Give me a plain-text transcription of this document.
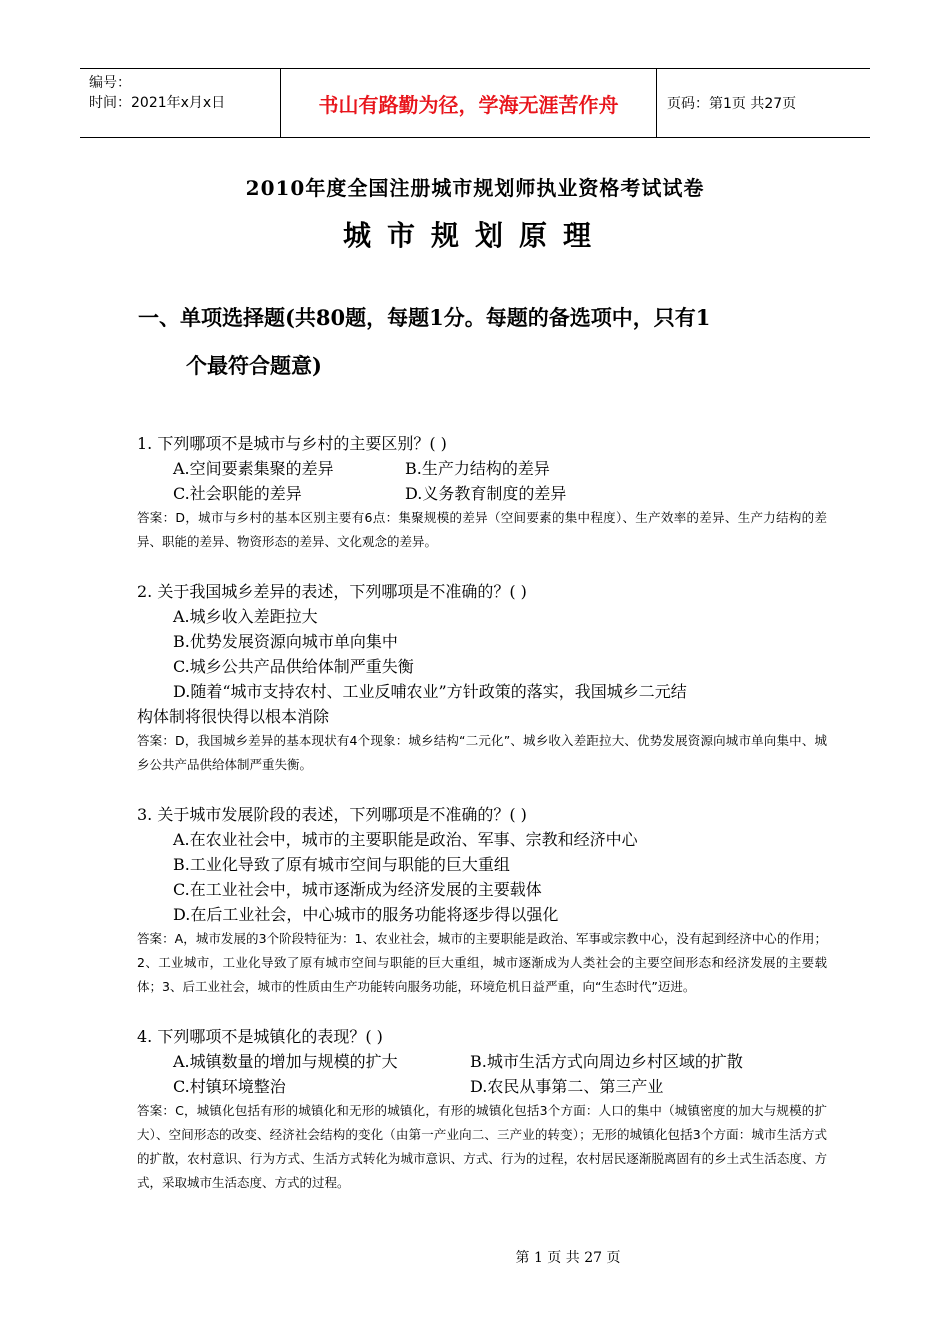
编号：
时间：2021年x月x日	书山有路勤为径，学海无涯苦作舟	页码：第1页 共27页
2010年度全国注册城市规划师执业资格考试试卷
城市规划原理
一、单项选择题(共80题，每题1分。每题的备选项中，只有1
个最符合题意)
1. 下列哪项不是城市与乡村的主要区别？( )
A.空间要素集聚的差异	B.生产力结构的差异
C.社会职能的差异	D.义务教育制度的差异
答案：D，城市与乡村的基本区别主要有6点：集聚规模的差异（空间要素的集中程度）、生产效率的差异、生产力结构的差异、职能的差异、物资形态的差异、文化观念的差异。
2. 关于我国城乡差异的表述，下列哪项是不准确的？( )
A.城乡收入差距拉大
B.优势发展资源向城市单向集中
C.城乡公共产品供给体制严重失衡
D.随着“城市支持农村、工业反哺农业”方针政策的落实，我国城乡二元结
构体制将很快得以根本消除
答案：D，我国城乡差异的基本现状有4个现象：城乡结构“二元化”、城乡收入差距拉大、优势发展资源向城市单向集中、城乡公共产品供给体制严重失衡。
3. 关于城市发展阶段的表述，下列哪项是不准确的？( )
A.在农业社会中，城市的主要职能是政治、军事、宗教和经济中心
B.工业化导致了原有城市空间与职能的巨大重组
C.在工业社会中，城市逐渐成为经济发展的主要载体
D.在后工业社会，中心城市的服务功能将逐步得以强化
答案：A，城市发展的3个阶段特征为：1、农业社会，城市的主要职能是政治、军事或宗教中心，没有起到经济中心的作用；2、工业城市，工业化导致了原有城市空间与职能的巨大重组，城市逐渐成为人类社会的主要空间形态和经济发展的主要载体；3、后工业社会，城市的性质由生产功能转向服务功能，环境危机日益严重，向“生态时代”迈进。
4. 下列哪项不是城镇化的表现？( )
A.城镇数量的增加与规模的扩大	B.城市生活方式向周边乡村区域的扩散
C.村镇环境整治	D.农民从事第二、第三产业
答案：C，城镇化包括有形的城镇化和无形的城镇化，有形的城镇化包括3个方面：人口的集中（城镇密度的加大与规模的扩大）、空间形态的改变、经济社会结构的变化（由第一产业向二、三产业的转变）；无形的城镇化包括3个方面：城市生活方式的扩散，农村意识、行为方式、生活方式转化为城市意识、方式、行为的过程，农村居民逐渐脱离固有的乡土式生活态度、方式，采取城市生活态度、方式的过程。
第 1 页 共 27 页
